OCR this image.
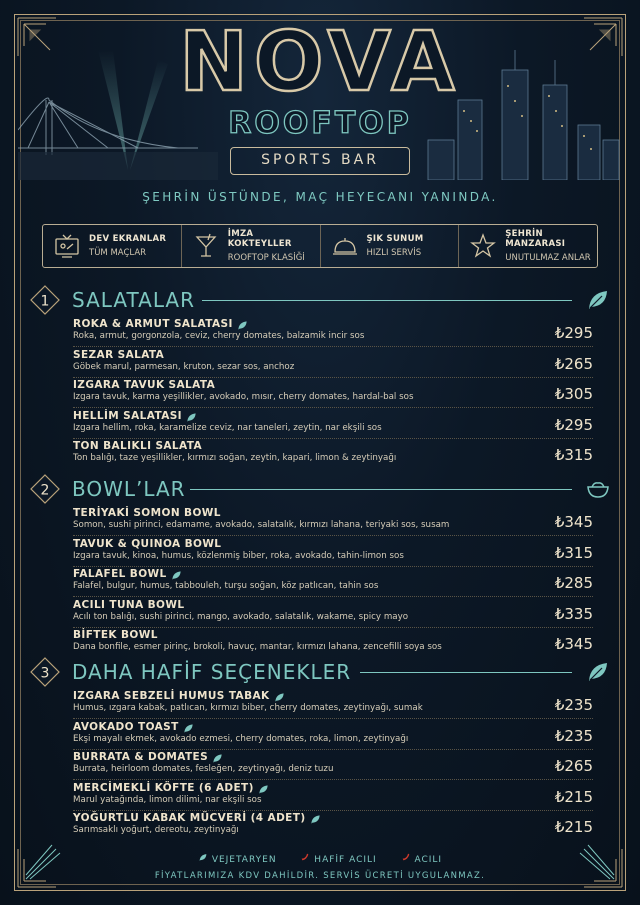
NOVA
ROOFTOP
SPORTS BAR
ŞEHRİN ÜSTÜNDE, MAÇ HEYECANI YANINDA.
DEV EKRANLAR
TÜM MAÇLAR
İMZA KOKTEYLLER
ROOFTOP KLASİĞİ
ŞIK SUNUM
HIZLI SERVİS
ŞEHRİN MANZARASI
UNUTULMAZ ANLAR
1 SALATALAR
2 BOWL’LAR
3 DAHA HAFİF SEÇENEKLER
ROKA & ARMUT SALATASI
Roka, armut, gorgonzola, ceviz, cherry domates, balzamik incir sos	₺295
SEZAR SALATA
Göbek marul, parmesan, kruton, sezar sos, anchoz	₺265
IZGARA TAVUK SALATA
Izgara tavuk, karma yeşillikler, avokado, mısır, cherry domates, hardal-bal sos	₺305
HELLİM SALATASI
Izgara hellim, roka, karamelize ceviz, nar taneleri, zeytin, nar ekşili sos	₺295
TON BALIKLI SALATA
Ton balığı, taze yeşillikler, kırmızı soğan, zeytin, kapari, limon & zeytinyağı	₺315
TERİYAKİ SOMON BOWL
Somon, sushi pirinci, edamame, avokado, salatalık, kırmızı lahana, teriyaki sos, susam	₺345
TAVUK & QUINOA BOWL
Izgara tavuk, kinoa, humus, közlenmiş biber, roka, avokado, tahin-limon sos	₺315
FALAFEL BOWL
Falafel, bulgur, humus, tabbouleh, turşu soğan, köz patlıcan, tahin sos	₺285
ACILI TUNA BOWL
Acılı ton balığı, sushi pirinci, mango, avokado, salatalık, wakame, spicy mayo	₺335
BİFTEK BOWL
Dana bonfile, esmer pirinç, brokoli, havuç, mantar, kırmızı lahana, zencefilli soya sos	₺345
IZGARA SEBZELİ HUMUS TABAK
Humus, ızgara kabak, patlıcan, kırmızı biber, cherry domates, zeytinyağı, sumak	₺235
AVOKADO TOAST
Ekşi mayalı ekmek, avokado ezmesi, cherry domates, roka, limon, zeytinyağı	₺235
BURRATA & DOMATES
Burrata, heirloom domates, fesleğen, zeytinyağı, deniz tuzu	₺265
MERCİMEKLİ KÖFTE (6 ADET)
Marul yatağında, limon dilimi, nar ekşili sos	₺215
YOĞURTLU KABAK MÜCVERİ (4 ADET)
Sarımsaklı yoğurt, dereotu, zeytinyağı	₺215
VEJETARYEN	HAFİF ACILI	ACILI
FİYATLARIMIZA KDV DAHİLDİR. SERVİS ÜCRETİ UYGULANMAZ.
